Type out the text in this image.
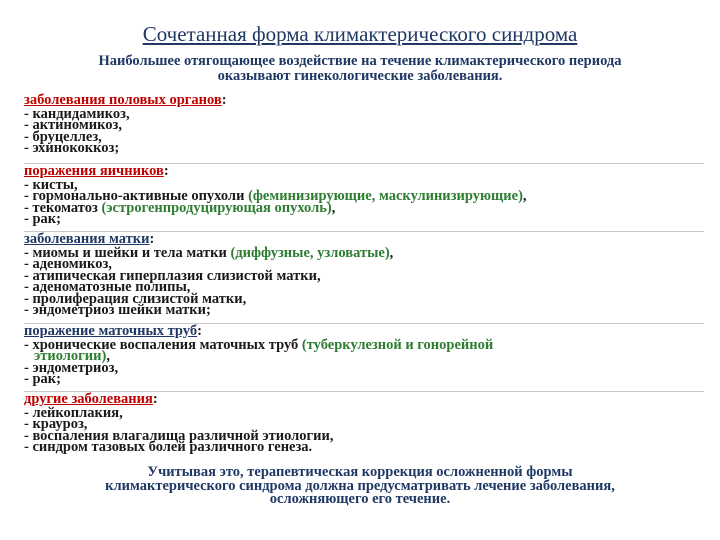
Сочетанная форма климактерического синдрома
Наибольшее отягощающее воздействие на течение климактерического периода
оказывают гинекологические заболевания.
заболевания половых органов:
- кандидамикоз,
- актиномикоз,
- бруцеллез,
- эхинококкоз;
поражения яичников:
- кисты,
- гормонально-активные опухоли (феминизирующие, маскулинизирующие),
- текоматоз (эстрогенпродуцирующая опухоль),
- рак;
заболевания матки:
- миомы и шейки и тела матки (диффузные, узловатые),
- аденомикоз,
- атипическая гиперплазия слизистой матки,
- аденоматозные полипы,
- пролиферация слизистой матки,
- эндометриоз шейки матки;
поражение маточных труб:
- хронические воспаления маточных труб (туберкулезной и гонорейной
этиологии),
- эндометриоз,
- рак;
другие заболевания:
- лейкоплакия,
- крауроз,
- воспаления влагалища различной этиологии,
- синдром тазовых болей различного генеза.
Учитывая это, терапевтическая коррекция осложненной формы
климактерического синдрома должна предусматривать лечение заболевания,
осложняющего его течение.
